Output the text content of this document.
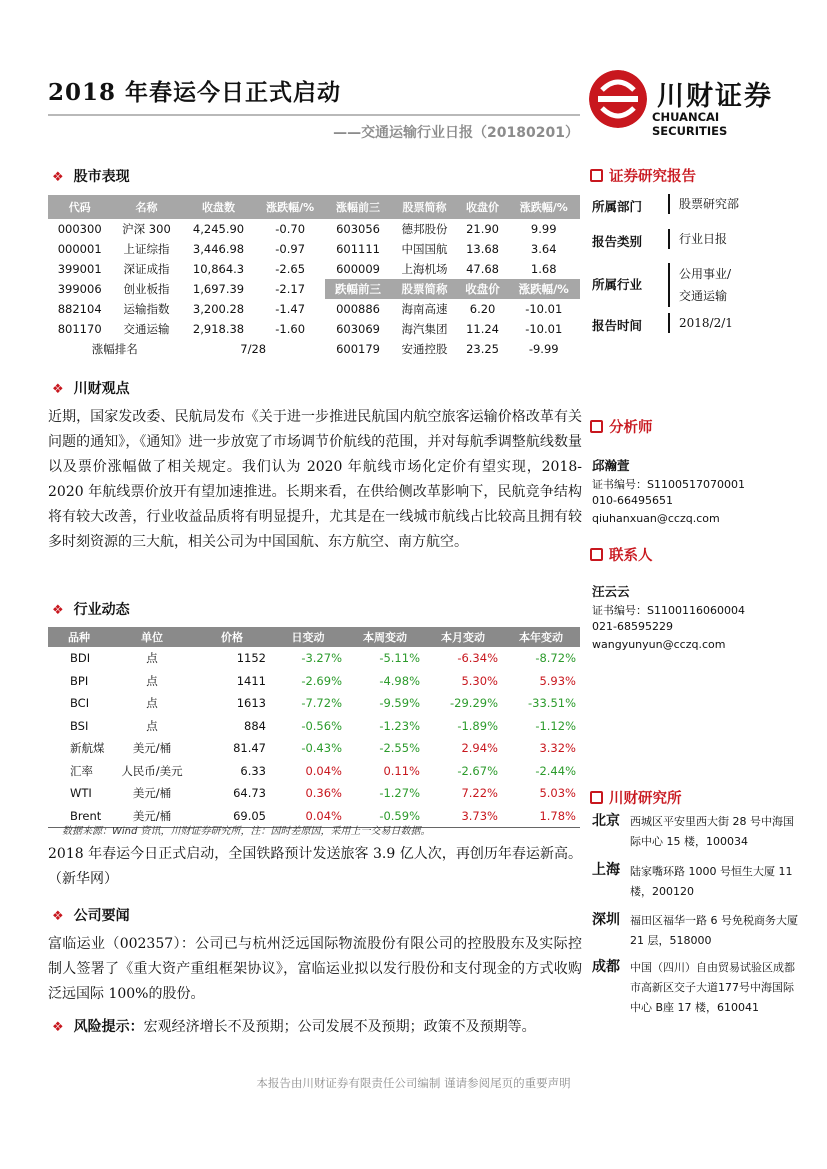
2018 年春运今日正式启动
——交通运输行业日报（20180201）
川财证券
CHUANCAI SECURITIES
❖ 股市表现
代码	名称	收盘数	涨跌幅/%	涨幅前三	股票简称	收盘价	涨跌幅/%
000300	沪深 300	4,245.90	-0.70	603056	德邦股份	21.90	9.99
000001	上证综指	3,446.98	-0.97	601111	中国国航	13.68	3.64
399001	深证成指	10,864.3	-2.65	600009	上海机场	47.68	1.68
399006	创业板指	1,697.39	-2.17	跌幅前三	股票简称	收盘价	涨跌幅/%
882104	运输指数	3,200.28	-1.47	000886	海南高速	6.20	-10.01
801170	交通运输	2,918.38	-1.60	603069	海汽集团	11.24	-10.01
涨幅排名		7/28		600179	安通控股	23.25	-9.99
❖ 川财观点
近期，国家发改委、民航局发布《关于进一步推进民航国内航空旅客运输价格改革有关问题的通知》，《通知》进一步放宽了市场调节价航线的范围，并对每航季调整航线数量以及票价涨幅做了相关规定。我们认为 2020 年航线市场化定价有望实现，2018-2020 年航线票价放开有望加速推进。长期来看，在供给侧改革影响下，民航竞争结构将有较大改善，行业收益品质将有明显提升，尤其是在一线城市航线占比较高且拥有较多时刻资源的三大航，相关公司为中国国航、东方航空、南方航空。
❖ 行业动态
品种	单位	价格	日变动	本周变动	本月变动	本年变动
BDI	点	1152	-3.27%	-5.11%	-6.34%	-8.72%
BPI	点	1411	-2.69%	-4.98%	5.30%	5.93%
BCI	点	1613	-7.72%	-9.59%	-29.29%	-33.51%
BSI	点	884	-0.56%	-1.23%	-1.89%	-1.12%
新航煤	美元/桶	81.47	-0.43%	-2.55%	2.94%	3.32%
汇率	人民币/美元	6.33	0.04%	0.11%	-2.67%	-2.44%
WTI	美元/桶	64.73	0.36%	-1.27%	7.22%	5.03%
Brent	美元/桶	69.05	0.04%	-0.59%	3.73%	1.78%
数据来源：Wind 资讯，川财证券研究所，注：因时差原因，采用上一交易日数据。
2018 年春运今日正式启动，全国铁路预计发送旅客 3.9 亿人次，再创历年春运新高。（新华网）
❖ 公司要闻
富临运业（002357）：公司已与杭州泛远国际物流股份有限公司的控股股东及实际控制人签署了《重大资产重组框架协议》，富临运业拟以发行股份和支付现金的方式收购泛远国际 100%的股份。
❖ 风险提示：宏观经济增长不及预期；公司发展不及预期；政策不及预期等。
证券研究报告
所属部门	股票研究部
报告类别	行业日报
所属行业
公用事业/
交通运输
报告时间	2018/2/1
分析师
邱瀚萱
证书编号：S1100517070001
010-66495651
qiuhanxuan@cczq.com
联系人
汪云云
证书编号：S1100116060004
021-68595229
wangyunyun@cczq.com
川财研究所
北京 西城区平安里西大街 28 号中海国际中心 15 楼，100034
上海 陆家嘴环路 1000 号恒生大厦 11 楼，200120
深圳 福田区福华一路 6 号免税商务大厦 21 层，518000
成都 中国（四川）自由贸易试验区成都市高新区交子大道177号中海国际中心 B座 17 楼，610041
本报告由川财证券有限责任公司编制 谨请参阅尾页的重要声明
